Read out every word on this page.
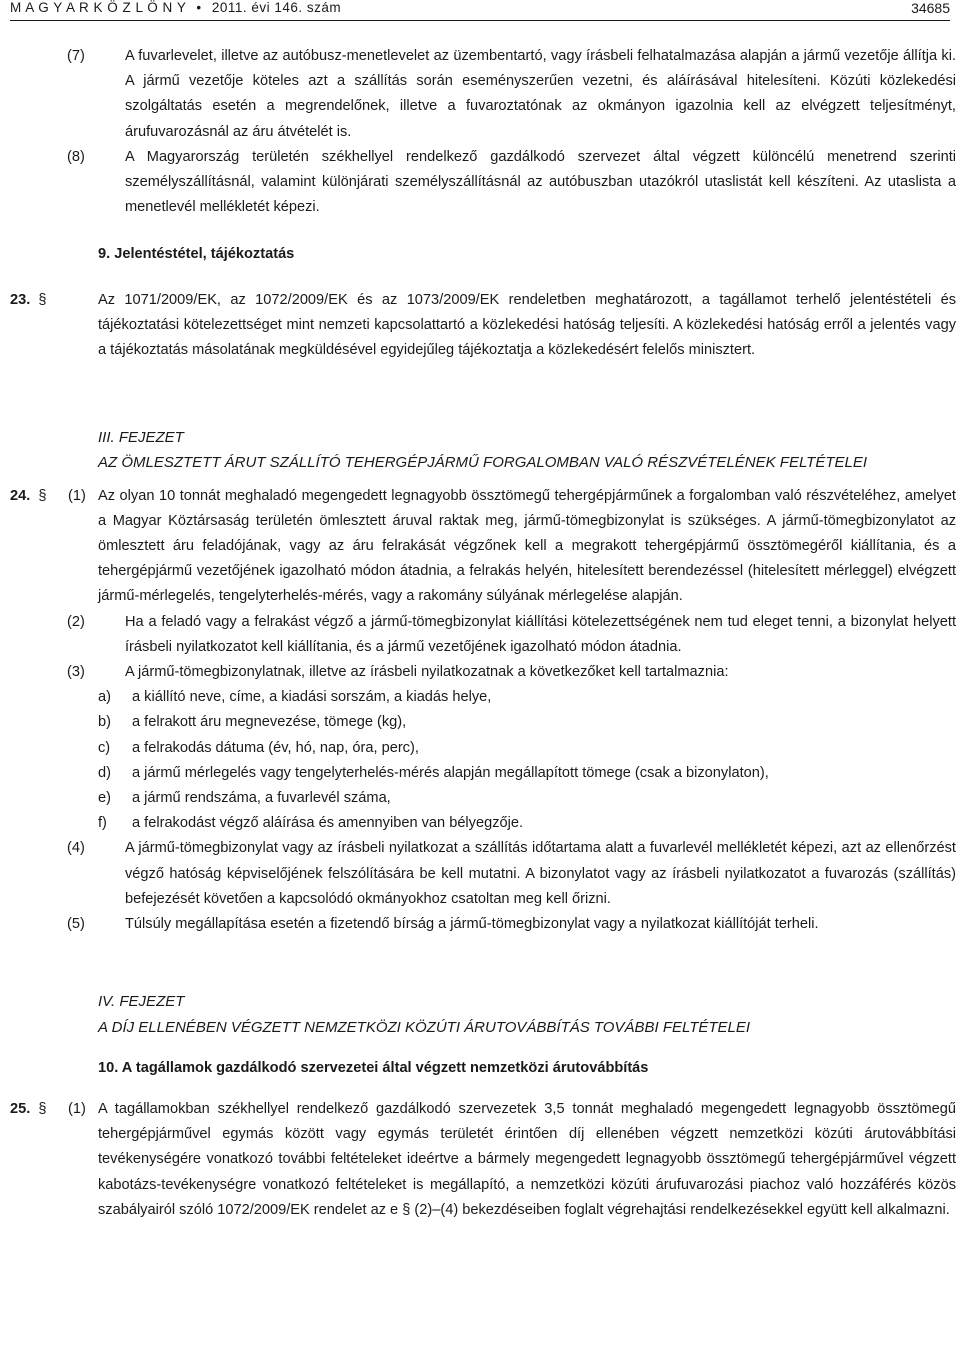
M A G Y A R K Ö Z L Ö N Y • 2011. évi 146. szám	34685
(7)	A fuvarlevelet, illetve az autóbusz-menetlevelet az üzembentartó, vagy írásbeli felhatalmazása alapján a jármű vezetője állítja ki. A jármű vezetője köteles azt a szállítás során eseményszerűen vezetni, és aláírásával hitelesíteni. Közúti közlekedési szolgáltatás esetén a megrendelőnek, illetve a fuvaroztatónak az okmányon igazolnia kell az elvégzett teljesítményt, árufuvarozásnál az áru átvételét is.
(8)	A Magyarország területén székhellyel rendelkező gazdálkodó szervezet által végzett különcélú menetrend szerinti személyszállításnál, valamint különjárati személyszállításnál az autóbuszban utazókról utaslistát kell készíteni. Az utaslista a menetlevél mellékletét képezi.
9. Jelentéstétel, tájékoztatás
23. §	Az 1071/2009/EK, az 1072/2009/EK és az 1073/2009/EK rendeletben meghatározott, a tagállamot terhelő jelentéstételi és tájékoztatási kötelezettséget mint nemzeti kapcsolattartó a közlekedési hatóság teljesíti. A közlekedési hatóság erről a jelentés vagy a tájékoztatás másolatának megküldésével egyidejűleg tájékoztatja a közlekedésért felelős minisztert.
III. FEJEZET
AZ ÖMLESZTETT ÁRUT SZÁLLÍTÓ TEHERGÉPJÁRMŰ FORGALOMBAN VALÓ RÉSZVÉTELÉNEK FELTÉTELEI
24. §	(1) Az olyan 10 tonnát meghaladó megengedett legnagyobb össztömegű tehergépjárműnek a forgalomban való részvételéhez, amelyet a Magyar Köztársaság területén ömlesztett áruval raktak meg, jármű-tömegbizonylat is szükséges. A jármű-tömegbizonylatot az ömlesztett áru feladójának, vagy az áru felrakását végzőnek kell a megrakott tehergépjármű össztömegéről kiállítania, és a tehergépjármű vezetőjének igazolható módon átadnia, a felrakás helyén, hitelesített berendezéssel (hitelesített mérleggel) elvégzett jármű-mérlegelés, tengelyterhelés-mérés, vagy a rakomány súlyának mérlegelése alapján.
(2)	Ha a feladó vagy a felrakást végző a jármű-tömegbizonylat kiállítási kötelezettségének nem tud eleget tenni, a bizonylat helyett írásbeli nyilatkozatot kell kiállítania, és a jármű vezetőjének igazolható módon átadnia.
(3)	A jármű-tömegbizonylatnak, illetve az írásbeli nyilatkozatnak a következőket kell tartalmaznia:
a)	a kiállító neve, címe, a kiadási sorszám, a kiadás helye,
b)	a felrakott áru megnevezése, tömege (kg),
c)	a felrakodás dátuma (év, hó, nap, óra, perc),
d)	a jármű mérlegelés vagy tengelyterhelés-mérés alapján megállapított tömege (csak a bizonylaton),
e)	a jármű rendszáma, a fuvarlevél száma,
f)	a felrakodást végző aláírása és amennyiben van bélyegzője.
(4)	A jármű-tömegbizonylat vagy az írásbeli nyilatkozat a szállítás időtartama alatt a fuvarlevél mellékletét képezi, azt az ellenőrzést végző hatóság képviselőjének felszólítására be kell mutatni. A bizonylatot vagy az írásbeli nyilatkozatot a fuvarozás (szállítás) befejezését követően a kapcsolódó okmányokhoz csatoltan meg kell őrizni.
(5)	Túlsúly megállapítása esetén a fizetendő bírság a jármű-tömegbizonylat vagy a nyilatkozat kiállítóját terheli.
IV. FEJEZET
A DÍJ ELLENÉBEN VÉGZETT NEMZETKÖZI KÖZÚTI ÁRUTOVÁBBÍTÁS TOVÁBBI FELTÉTELEI
10. A tagállamok gazdálkodó szervezetei által végzett nemzetközi árutovábbítás
25. §	(1) A tagállamokban székhellyel rendelkező gazdálkodó szervezetek 3,5 tonnát meghaladó megengedett legnagyobb össztömegű tehergépjárművel egymás között vagy egymás területét érintően díj ellenében végzett nemzetközi közúti árutovábbítási tevékenységére vonatkozó további feltételeket ideértve a bármely megengedett legnagyobb össztömegű tehergépjárművel végzett kabotázs-tevékenységre vonatkozó feltételeket is megállapító, a nemzetközi közúti árufuvarozási piachoz való hozzáférés közös szabályairól szóló 1072/2009/EK rendelet az e § (2)–(4) bekezdéseiben foglalt végrehajtási rendelkezésekkel együtt kell alkalmazni.
